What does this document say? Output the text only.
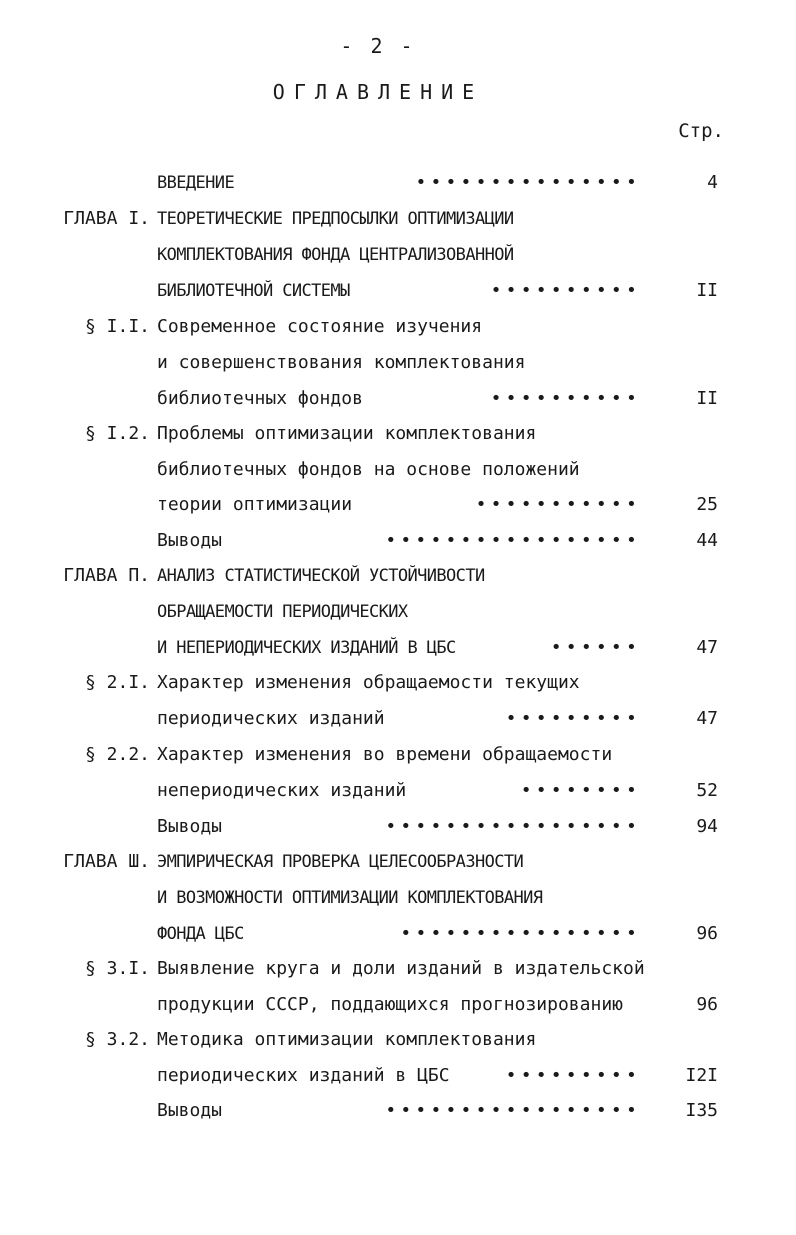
- 2 -
ОГЛАВЛЕНИЕ
Стр.
ВВЕДЕНИЕ	•••••••••••••••	4
ГЛАВА I. ТЕОРЕТИЧЕСКИЕ ПРЕДПОСЫЛКИ ОПТИМИЗАЦИИ
КОМПЛЕКТОВАНИЯ ФОНДА ЦЕНТРАЛИЗОВАННОЙ
БИБЛИОТЕЧНОЙ СИСТЕМЫ	••••••••••	II
§ I.I. Современное состояние изучения
и совершенствования комплектования
библиотечных фондов	••••••••••	II
§ I.2. Проблемы оптимизации комплектования
библиотечных фондов на основе положений
теории оптимизации	•••••••••••	25
Выводы	•••••••••••••••••	44
ГЛАВА П. АНАЛИЗ СТАТИСТИЧЕСКОЙ УСТОЙЧИВОСТИ
ОБРАЩАЕМОСТИ ПЕРИОДИЧЕСКИХ
И НЕПЕРИОДИЧЕСКИХ ИЗДАНИЙ В ЦБС	••••••	47
§ 2.I. Характер изменения обращаемости текущих
периодических изданий	•••••••••	47
§ 2.2. Характер изменения во времени обращаемости
непериодических изданий	••••••••	52
Выводы	•••••••••••••••••	94
ГЛАВА Ш. ЭМПИРИЧЕСКАЯ ПРОВЕРКА ЦЕЛЕСООБРАЗНОСТИ
И ВОЗМОЖНОСТИ ОПТИМИЗАЦИИ КОМПЛЕКТОВАНИЯ
ФОНДА ЦБС	••••••••••••••••	96
§ 3.I. Выявление круга и доли изданий в издательской
продукции СССР, поддающихся прогнозированию	96
§ 3.2. Методика оптимизации комплектования
периодических изданий в ЦБС	••••••••• I2I
Выводы	••••••••••••••••• I35
